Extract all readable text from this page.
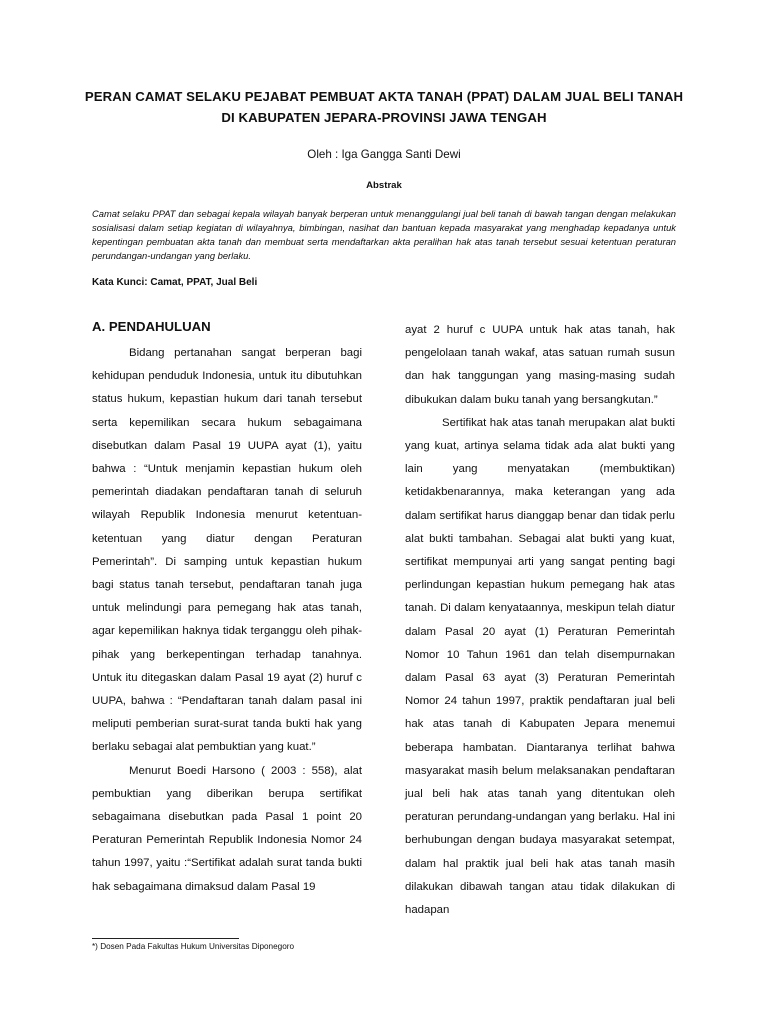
PERAN CAMAT SELAKU PEJABAT PEMBUAT AKTA TANAH (PPAT) DALAM JUAL BELI TANAH
DI KABUPATEN JEPARA-PROVINSI JAWA TENGAH
Oleh : Iga Gangga Santi Dewi
Abstrak
Camat selaku PPAT dan sebagai kepala wilayah banyak berperan untuk menanggulangi jual beli tanah di bawah tangan dengan melakukan sosialisasi dalam setiap kegiatan di wilayahnya, bimbingan, nasihat dan bantuan kepada masyarakat yang menghadap kepadanya untuk kepentingan pembuatan akta tanah dan membuat serta mendaftarkan akta peralihan hak atas tanah tersebut sesuai ketentuan peraturan perundangan-undangan yang berlaku.
Kata Kunci: Camat, PPAT, Jual Beli
A. PENDAHULUAN

Bidang pertanahan sangat berperan bagi kehidupan penduduk Indonesia, untuk itu dibutuhkan status hukum, kepastian hukum dari tanah tersebut serta kepemilikan secara hukum sebagaimana disebutkan dalam Pasal 19 UUPA ayat (1), yaitu bahwa : “Untuk menjamin kepastian hukum oleh pemerintah diadakan pendaftaran tanah di seluruh wilayah Republik Indonesia menurut ketentuan-ketentuan yang diatur dengan Peraturan Pemerintah”. Di samping untuk kepastian hukum bagi status tanah tersebut, pendaftaran tanah juga untuk melindungi para pemegang hak atas tanah, agar kepemilikan haknya tidak terganggu oleh pihak-pihak yang berkepentingan terhadap tanahnya. Untuk itu ditegaskan dalam Pasal 19 ayat (2) huruf c UUPA, bahwa : “Pendaftaran tanah dalam pasal ini meliputi pemberian surat-surat tanda bukti hak yang berlaku sebagai alat pembuktian yang kuat.”

Menurut Boedi Harsono ( 2003 : 558), alat pembuktian yang diberikan berupa sertifikat sebagaimana disebutkan pada Pasal 1 point 20 Peraturan Pemerintah Republik Indonesia Nomor 24 tahun 1997, yaitu :“Sertifikat adalah surat tanda bukti hak sebagaimana dimaksud dalam Pasal 19

ayat 2 huruf c UUPA untuk hak atas tanah, hak pengelolaan tanah wakaf, atas satuan rumah susun dan hak tanggungan yang masing-masing sudah dibukukan dalam buku tanah yang bersangkutan.”

Sertifikat hak atas tanah merupakan alat bukti yang kuat, artinya selama tidak ada alat bukti yang lain yang menyatakan (membuktikan) ketidakbenarannya, maka keterangan yang ada dalam sertifikat harus dianggap benar dan tidak perlu alat bukti tambahan. Sebagai alat bukti yang kuat, sertifikat mempunyai arti yang sangat penting bagi perlindungan kepastian hukum pemegang hak atas tanah. Di dalam kenyataannya, meskipun telah diatur dalam Pasal 20 ayat (1) Peraturan Pemerintah Nomor 10 Tahun 1961 dan telah disempurnakan dalam Pasal 63 ayat (3) Peraturan Pemerintah Nomor 24 tahun 1997, praktik pendaftaran jual beli hak atas tanah di Kabupaten Jepara menemui beberapa hambatan. Diantaranya terlihat bahwa masyarakat masih belum melaksanakan pendaftaran jual beli hak atas tanah yang ditentukan oleh peraturan perundang-undangan yang berlaku. Hal ini berhubungan dengan budaya masyarakat setempat, dalam hal praktik jual beli hak atas tanah masih dilakukan dibawah tangan atau tidak dilakukan di hadapan

*) Dosen Pada Fakultas Hukum Universitas Diponegoro
